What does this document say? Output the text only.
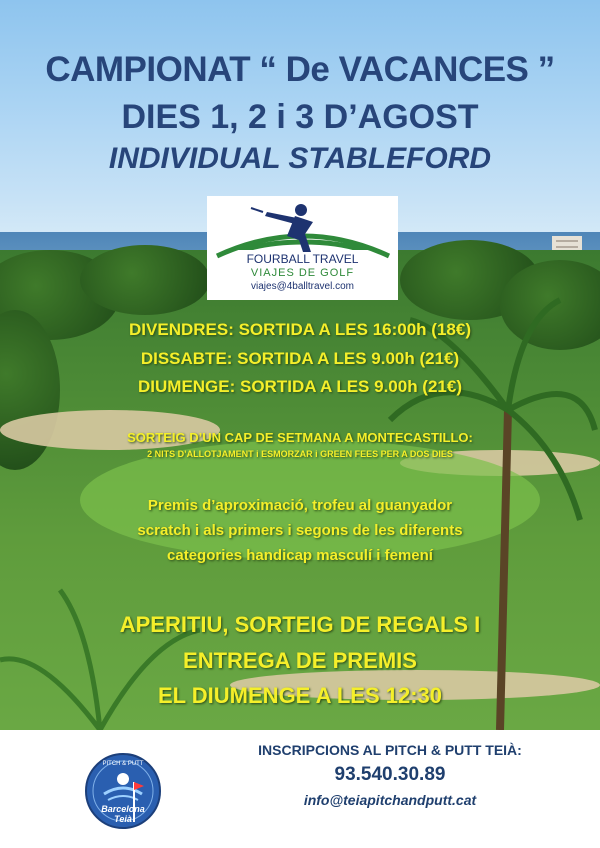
CAMPIONAT “ De VACANCES ”
DIES 1, 2 i 3 D’AGOST
INDIVIDUAL STABLEFORD
FOURBALL TRAVEL
VIAJES DE GOLF
viajes@4balltravel.com

DIVENDRES: SORTIDA A LES 16:00h (18€)

DISSABTE: SORTIDA A LES 9.00h (21€)

DIUMENGE: SORTIDA A LES 9.00h (21€)

SORTEIG D’UN CAP DE SETMANA A MONTECASTILLO:

2 NITS D’ALLOTJAMENT i ESMORZAR i GREEN FEES PER A DOS DIES

Premis d’aproximació, trofeu al guanyador

scratch i als primers i segons de les diferents

categories handicap masculí i femení

APERITIU, SORTEIG DE REGALS I

ENTREGA DE PREMIS

EL DIUMENGE A LES 12:30

PITCH & PUTT
Barcelona
Teià
INSCRIPCIONS AL PITCH & PUTT TEIÀ:
93.540.30.89
info@teiapitchandputt.cat
